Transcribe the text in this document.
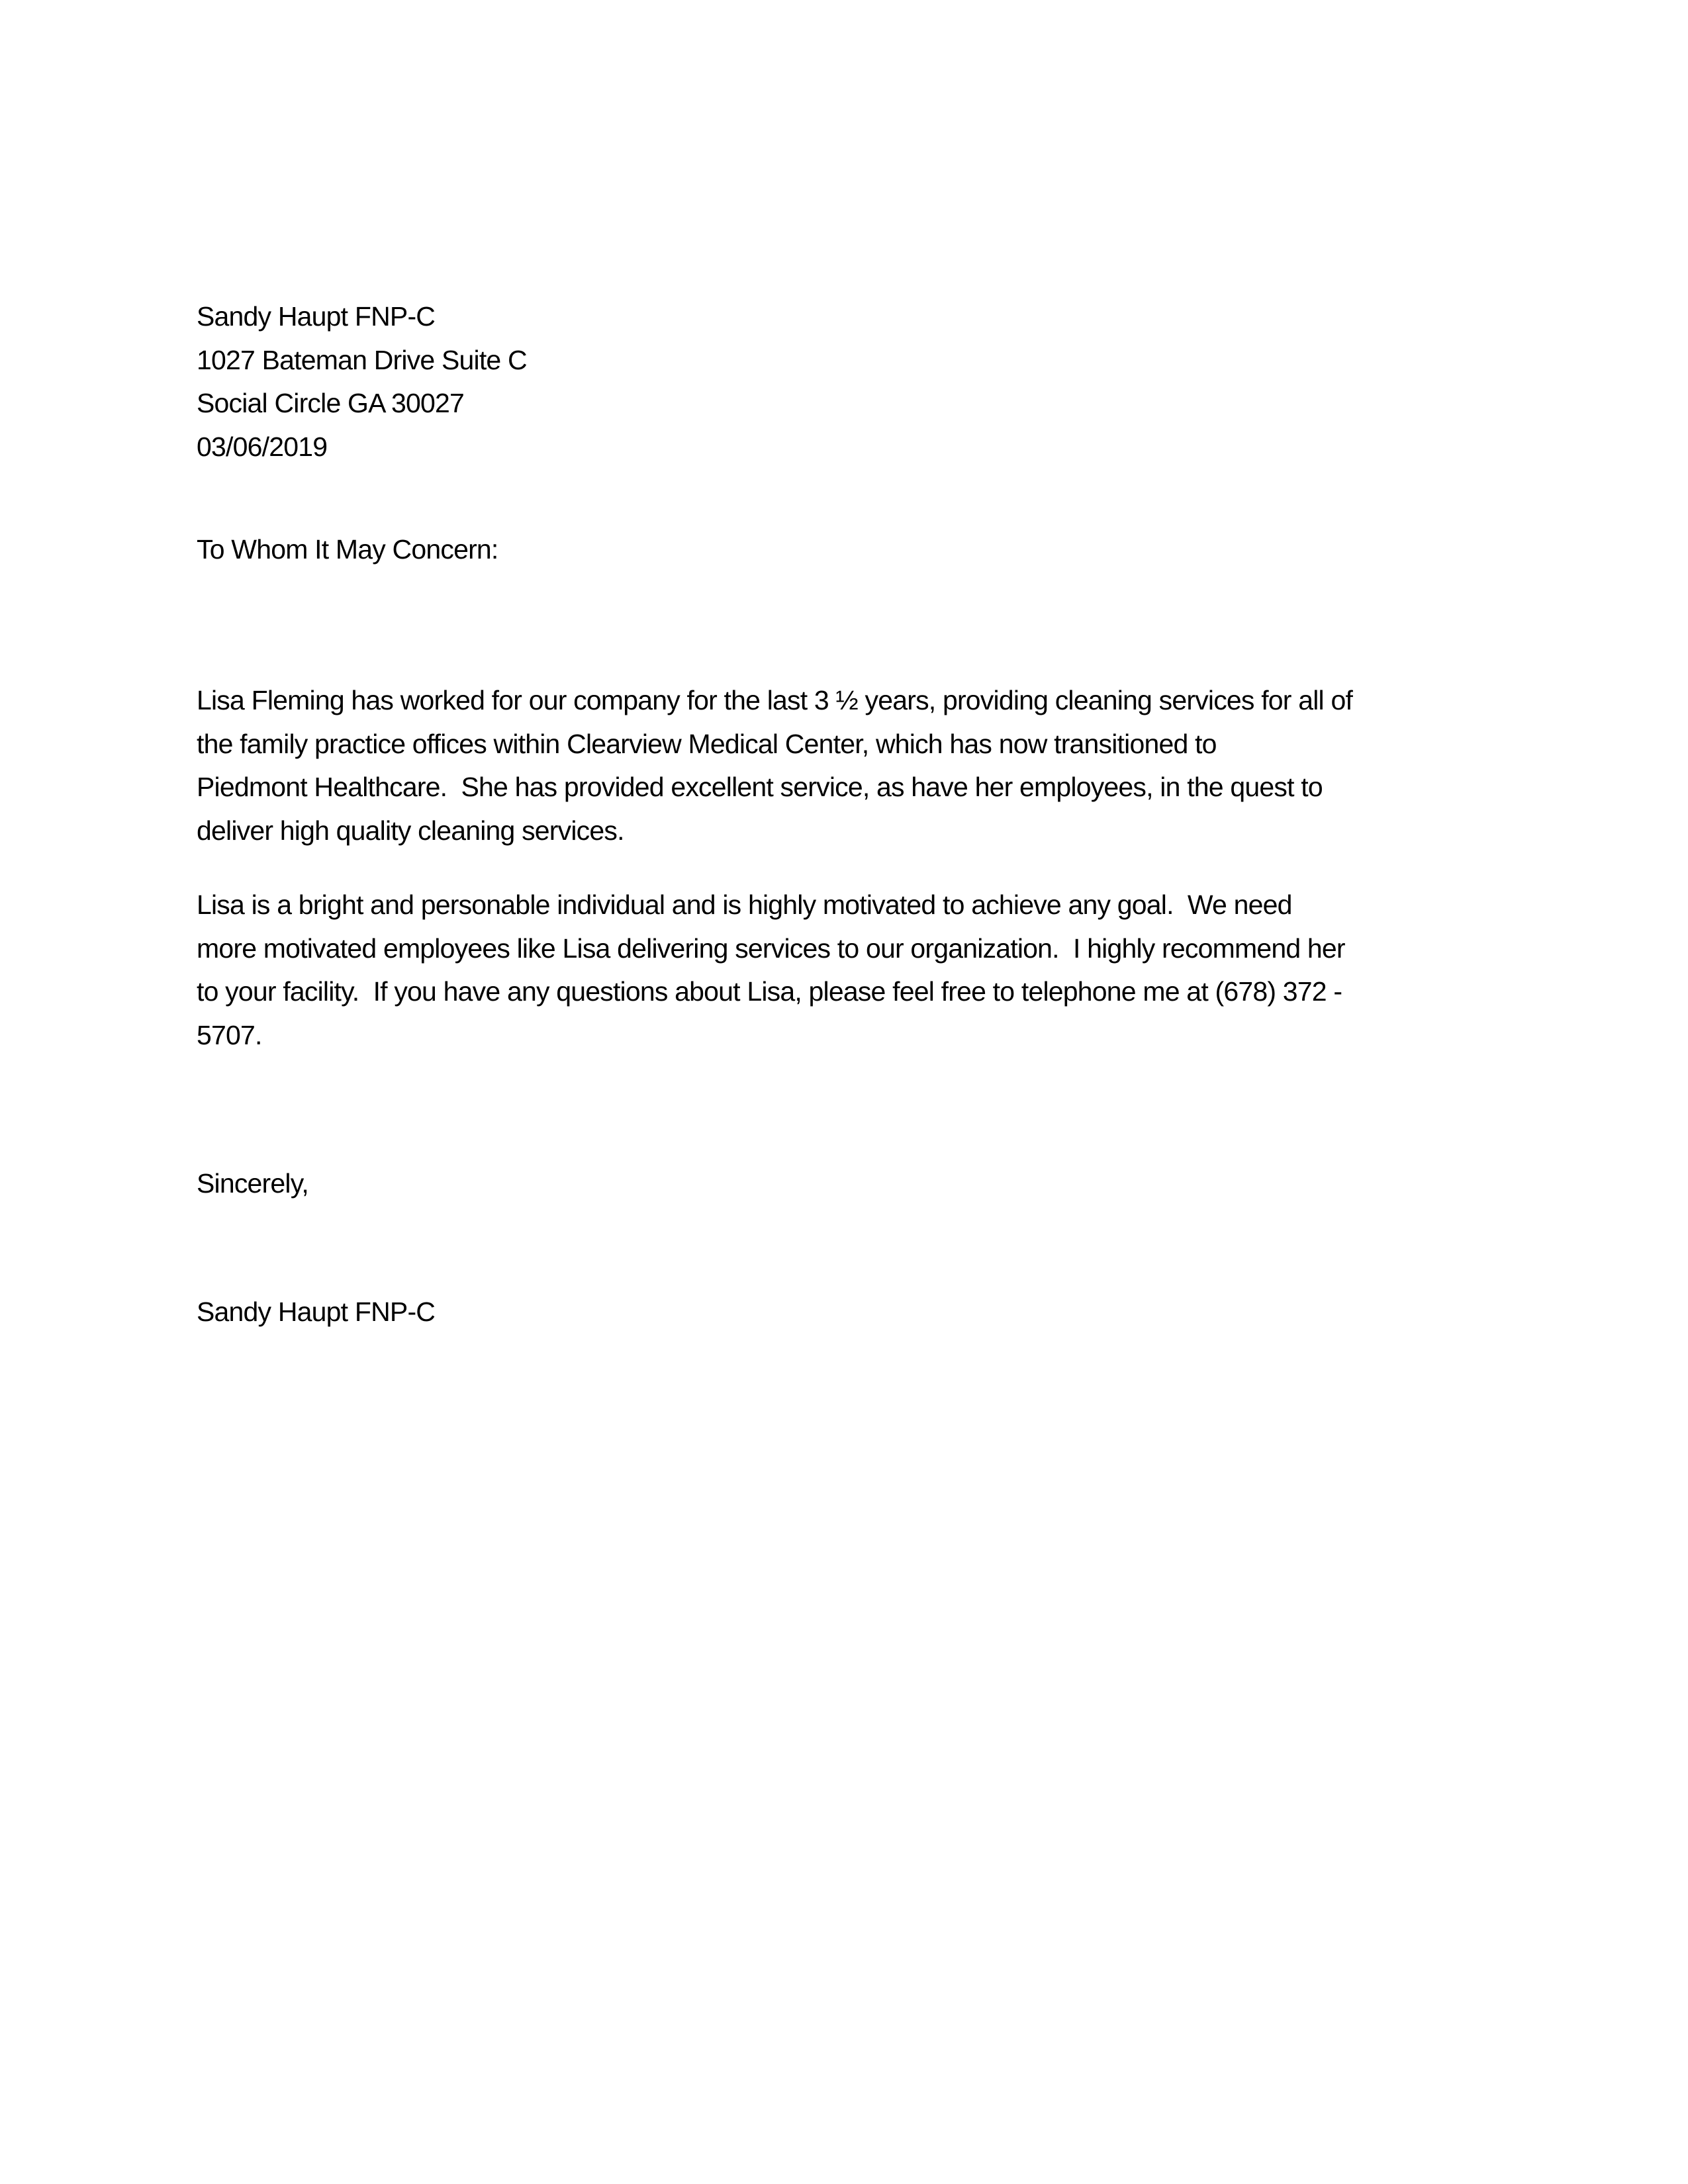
Sandy Haupt FNP-C
1027 Bateman Drive Suite C
Social Circle GA 30027
03/06/2019
To Whom It May Concern:
Lisa Fleming has worked for our company for the last 3 ½ years, providing cleaning services for all of
the family practice offices within Clearview Medical Center, which has now transitioned to
Piedmont Healthcare.  She has provided excellent service, as have her employees, in the quest to
deliver high quality cleaning services.
Lisa is a bright and personable individual and is highly motivated to achieve any goal.  We need
more motivated employees like Lisa delivering services to our organization.  I highly recommend her
to your facility.  If you have any questions about Lisa, please feel free to telephone me at (678) 372 -
5707.
Sincerely,
Sandy Haupt FNP-C
